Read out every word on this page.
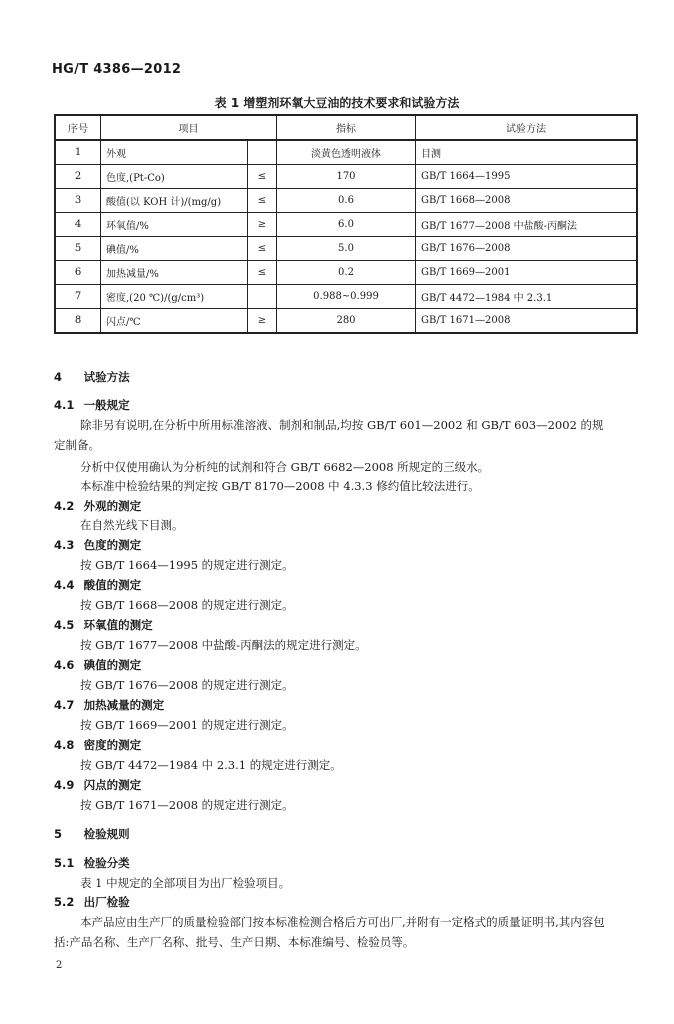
HG/T 4386—2012
表 1 增塑剂环氧大豆油的技术要求和试验方法
序号	项目		指标	试验方法
1	外观		淡黄色透明液体	目测
2	色度,(Pt-Co)	≤	170	GB/T 1664—1995
3	酸值(以 KOH 计)/(mg/g)	≤	0.6	GB/T 1668—2008
4	环氧值/%	≥	6.0	GB/T 1677—2008 中盐酸-丙酮法
5	碘值/%	≤	5.0	GB/T 1676—2008
6	加热减量/%	≤	0.2	GB/T 1669—2001
7	密度,(20 ℃)/(g/cm³)		0.988~0.999	GB/T 4472—1984 中 2.3.1
8	闪点/℃	≥	280	GB/T 1671—2008
4 试验方法
4.1 一般规定
除非另有说明,在分析中所用标准溶液、制剂和制品,均按 GB/T 601—2002 和 GB/T 603—2002 的规定制备。
分析中仅使用确认为分析纯的试剂和符合 GB/T 6682—2008 所规定的三级水。
本标准中检验结果的判定按 GB/T 8170—2008 中 4.3.3 修约值比较法进行。
4.2 外观的测定
在自然光线下目测。
4.3 色度的测定
按 GB/T 1664—1995 的规定进行测定。
4.4 酸值的测定
按 GB/T 1668—2008 的规定进行测定。
4.5 环氧值的测定
按 GB/T 1677—2008 中盐酸-丙酮法的规定进行测定。
4.6 碘值的测定
按 GB/T 1676—2008 的规定进行测定。
4.7 加热减量的测定
按 GB/T 1669—2001 的规定进行测定。
4.8 密度的测定
按 GB/T 4472—1984 中 2.3.1 的规定进行测定。
4.9 闪点的测定
按 GB/T 1671—2008 的规定进行测定。
5 检验规则
5.1 检验分类
表 1 中规定的全部项目为出厂检验项目。
5.2 出厂检验
本产品应由生产厂的质量检验部门按本标准检测合格后方可出厂,并附有一定格式的质量证明书,其内容包括:产品名称、生产厂名称、批号、生产日期、本标准编号、检验员等。
2
